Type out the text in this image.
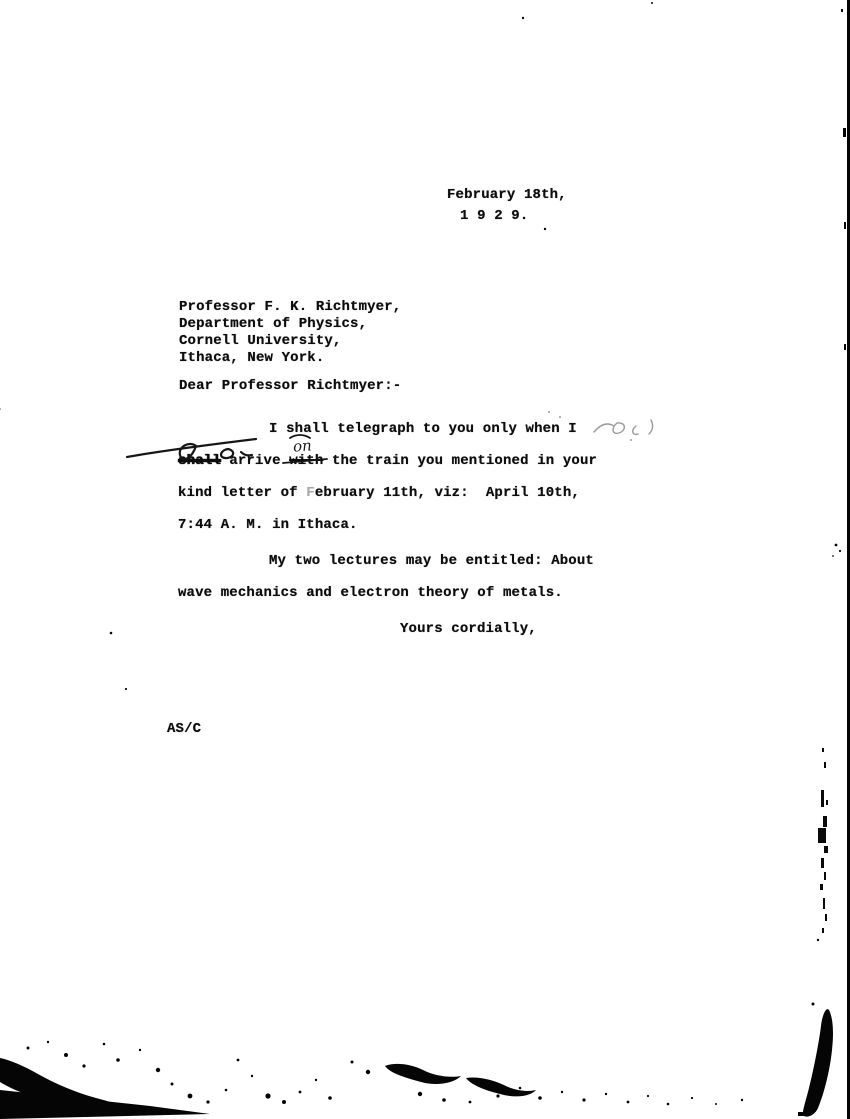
February 18th,
1 9 2 9.
Professor F. K. Richtmyer,
Department of Physics,
Cornell University,
Ithaca, New York.
Dear Professor Richtmyer:-
I shall telegraph to you only when I
shall arrive with the train you mentioned in your
on
kind letter of February 11th, viz:  April 10th,
7:44 A. M. in Ithaca.
My two lectures may be entitled: About
wave mechanics and electron theory of metals.
Yours cordially,
AS/C
